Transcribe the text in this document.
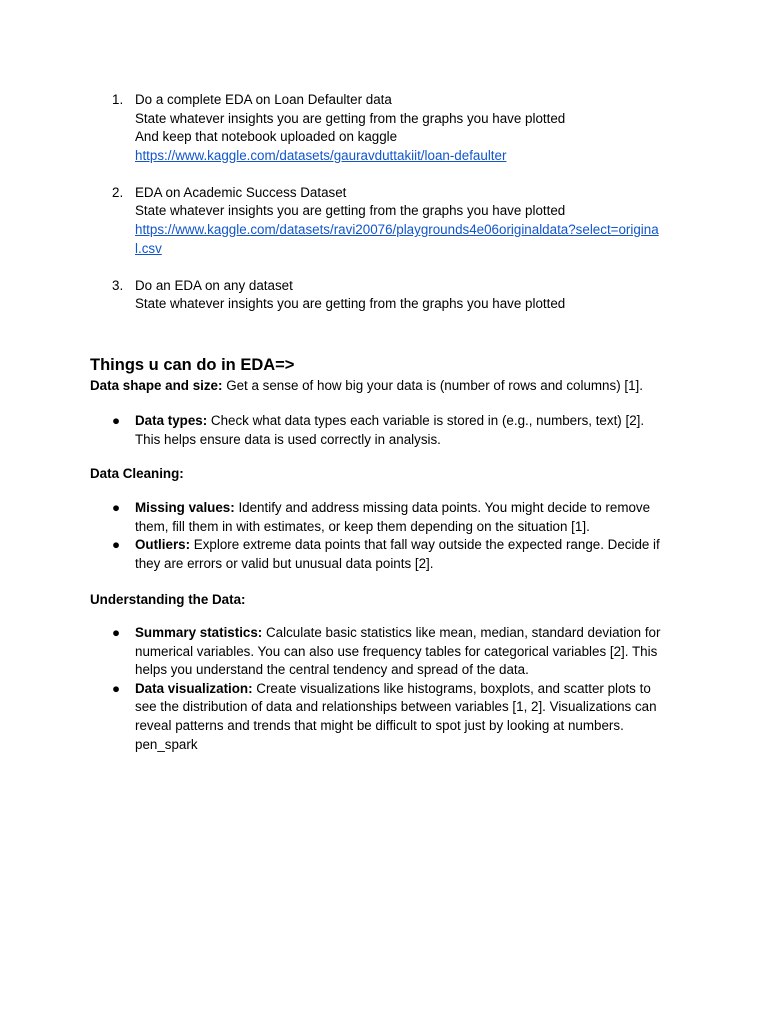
1. Do a complete EDA on Loan Defaulter data
State whatever insights you are getting from the graphs you have plotted
And keep that notebook uploaded on kaggle
https://www.kaggle.com/datasets/gauravduttakiit/loan-defaulter
2. EDA on Academic Success Dataset
State whatever insights you are getting from the graphs you have plotted
https://www.kaggle.com/datasets/ravi20076/playgrounds4e06originaldata?select=origina
l.csv
3. Do an EDA on any dataset
State whatever insights you are getting from the graphs you have plotted
Things u can do in EDA=>

Data shape and size: Get a sense of how big your data is (number of rows and columns) [1].

● Data types: Check what data types each variable is stored in (e.g., numbers, text) [2].
This helps ensure data is used correctly in analysis.

Data Cleaning:

● Missing values: Identify and address missing data points. You might decide to remove
them, fill them in with estimates, or keep them depending on the situation [1].
● Outliers: Explore extreme data points that fall way outside the expected range. Decide if
they are errors or valid but unusual data points [2].

Understanding the Data:

● Summary statistics: Calculate basic statistics like mean, median, standard deviation for
numerical variables. You can also use frequency tables for categorical variables [2]. This
helps you understand the central tendency and spread of the data.
● Data visualization: Create visualizations like histograms, boxplots, and scatter plots to
see the distribution of data and relationships between variables [1, 2]. Visualizations can
reveal patterns and trends that might be difficult to spot just by looking at numbers.
pen_spark
